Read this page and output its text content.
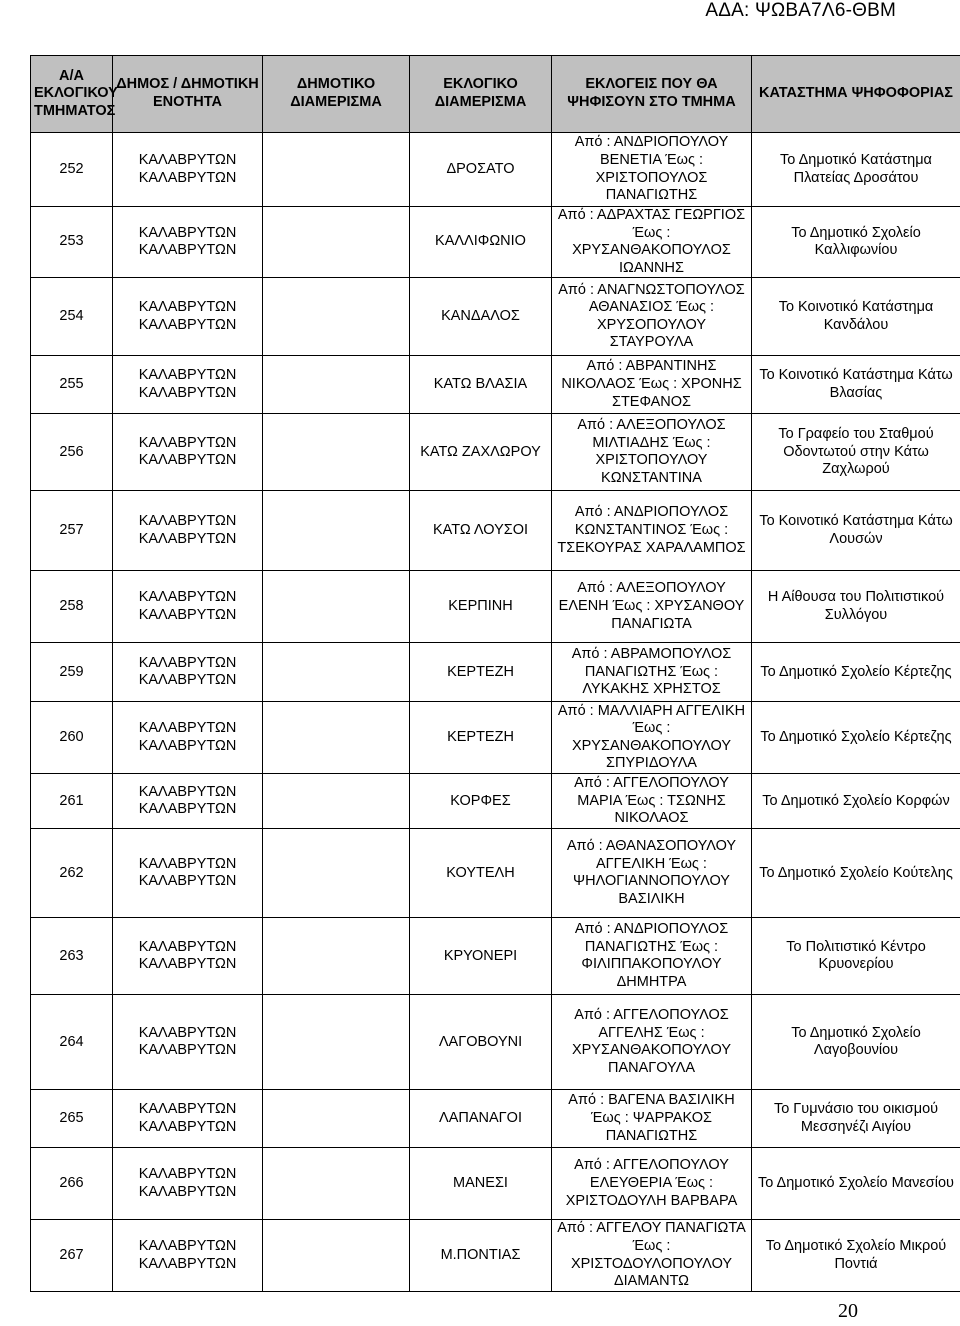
ΑΔΑ: ΨΩΒΑ7Λ6-ΘΒΜ
Α/Α ΕΚΛΟΓΙΚΟΥ ΤΜΗΜΑΤΟΣ	ΔΗΜΟΣ / ΔΗΜΟΤΙΚΗ ΕΝΟΤΗΤΑ	ΔΗΜΟΤΙΚΟ ΔΙΑΜΕΡΙΣΜΑ	ΕΚΛΟΓΙΚΟ ΔΙΑΜΕΡΙΣΜΑ	ΕΚΛΟΓΕΙΣ ΠΟΥ ΘΑ ΨΗΦΙΣΟΥΝ ΣΤΟ ΤΜΗΜΑ	ΚΑΤΑΣΤΗΜΑ ΨΗΦΟΦΟΡΙΑΣ
252	ΚΑΛΑΒΡΥΤΩΝ ΚΑΛΑΒΡΥΤΩΝ		ΔΡΟΣΑΤΟ	Από : ΑΝΔΡΙΟΠΟΥΛΟΥ ΒΕΝΕΤΙΑ Έως : ΧΡΙΣΤΟΠΟΥΛΟΣ ΠΑΝΑΓΙΩΤΗΣ	Το Δημοτικό Κατάστημα Πλατείας Δροσάτου
253	ΚΑΛΑΒΡΥΤΩΝ ΚΑΛΑΒΡΥΤΩΝ		ΚΑΛΛΙΦΩΝΙΟ	Από : ΑΔΡΑΧΤΑΣ ΓΕΩΡΓΙΟΣ Έως : ΧΡΥΣΑΝΘΑΚΟΠΟΥΛΟΣ ΙΩΑΝΝΗΣ	Το Δημοτικό Σχολείο Καλλιφωνίου
254	ΚΑΛΑΒΡΥΤΩΝ ΚΑΛΑΒΡΥΤΩΝ		ΚΑΝΔΑΛΟΣ	Από : ΑΝΑΓΝΩΣΤΟΠΟΥΛΟΣ ΑΘΑΝΑΣΙΟΣ Έως : ΧΡΥΣΟΠΟΥΛΟΥ ΣΤΑΥΡΟΥΛΑ	Το Κοινοτικό Κατάστημα Κανδάλου
255	ΚΑΛΑΒΡΥΤΩΝ ΚΑΛΑΒΡΥΤΩΝ		ΚΑΤΩ ΒΛΑΣΙΑ	Από : ΑΒΡΑΝΤΙΝΗΣ ΝΙΚΟΛΑΟΣ Έως : ΧΡΟΝΗΣ ΣΤΕΦΑΝΟΣ	Το Κοινοτικό Κατάστημα Κάτω Βλασίας
256	ΚΑΛΑΒΡΥΤΩΝ ΚΑΛΑΒΡΥΤΩΝ		ΚΑΤΩ ΖΑΧΛΩΡΟΥ	Από : ΑΛΕΞΟΠΟΥΛΟΣ ΜΙΛΤΙΑΔΗΣ Έως : ΧΡΙΣΤΟΠΟΥΛΟΥ ΚΩΝΣΤΑΝΤΙΝΑ	Το Γραφείο του Σταθμού Οδοντωτού στην Κάτω Ζαχλωρού
257	ΚΑΛΑΒΡΥΤΩΝ ΚΑΛΑΒΡΥΤΩΝ		ΚΑΤΩ ΛΟΥΣΟΙ	Από : ΑΝΔΡΙΟΠΟΥΛΟΣ ΚΩΝΣΤΑΝΤΙΝΟΣ Έως : ΤΣΕΚΟΥΡΑΣ ΧΑΡΑΛΑΜΠΟΣ	Το Κοινοτικό Κατάστημα Κάτω Λουσών
258	ΚΑΛΑΒΡΥΤΩΝ ΚΑΛΑΒΡΥΤΩΝ		ΚΕΡΠΙΝΗ	Από : ΑΛΕΞΟΠΟΥΛΟΥ ΕΛΕΝΗ Έως : ΧΡΥΣΑΝΘΟΥ ΠΑΝΑΓΙΩΤΑ	Η Αίθουσα του Πολιτιστικού Συλλόγου
259	ΚΑΛΑΒΡΥΤΩΝ ΚΑΛΑΒΡΥΤΩΝ		ΚΕΡΤΕΖΗ	Από : ΑΒΡΑΜΟΠΟΥΛΟΣ ΠΑΝΑΓΙΩΤΗΣ Έως : ΛΥΚΑΚΗΣ ΧΡΗΣΤΟΣ	Το Δημοτικό Σχολείο Κέρτεζης
260	ΚΑΛΑΒΡΥΤΩΝ ΚΑΛΑΒΡΥΤΩΝ		ΚΕΡΤΕΖΗ	Από : ΜΑΛΛΙΑΡΗ ΑΓΓΕΛΙΚΗ Έως : ΧΡΥΣΑΝΘΑΚΟΠΟΥΛΟΥ ΣΠΥΡΙΔΟΥΛΑ	Το Δημοτικό Σχολείο Κέρτεζης
261	ΚΑΛΑΒΡΥΤΩΝ ΚΑΛΑΒΡΥΤΩΝ		ΚΟΡΦΕΣ	Από : ΑΓΓΕΛΟΠΟΥΛΟΥ ΜΑΡΙΑ Έως : ΤΣΩΝΗΣ ΝΙΚΟΛΑΟΣ	Το Δημοτικό Σχολείο Κορφών
262	ΚΑΛΑΒΡΥΤΩΝ ΚΑΛΑΒΡΥΤΩΝ		ΚΟΥΤΕΛΗ	Από : ΑΘΑΝΑΣΟΠΟΥΛΟΥ ΑΓΓΕΛΙΚΗ Έως : ΨΗΛΟΓΙΑΝΝΟΠΟΥΛΟΥ ΒΑΣΙΛΙΚΗ	Το Δημοτικό Σχολείο Κούτελης
263	ΚΑΛΑΒΡΥΤΩΝ ΚΑΛΑΒΡΥΤΩΝ		ΚΡΥΟΝΕΡΙ	Από : ΑΝΔΡΙΟΠΟΥΛΟΣ ΠΑΝΑΓΙΩΤΗΣ Έως : ΦΙΛΙΠΠΑΚΟΠΟΥΛΟΥ ΔΗΜΗΤΡΑ	Το Πολιτιστικό Κέντρο Κρυονερίου
264	ΚΑΛΑΒΡΥΤΩΝ ΚΑΛΑΒΡΥΤΩΝ		ΛΑΓΟΒΟΥΝΙ	Από : ΑΓΓΕΛΟΠΟΥΛΟΣ ΑΓΓΕΛΗΣ Έως : ΧΡΥΣΑΝΘΑΚΟΠΟΥΛΟΥ ΠΑΝΑΓΟΥΛΑ	Το Δημοτικό Σχολείο Λαγοβουνίου
265	ΚΑΛΑΒΡΥΤΩΝ ΚΑΛΑΒΡΥΤΩΝ		ΛΑΠΑΝΑΓΟΙ	Από : ΒΑΓΕΝΑ ΒΑΣΙΛΙΚΗ Έως : ΨΑΡΡΑΚΟΣ ΠΑΝΑΓΙΩΤΗΣ	Το Γυμνάσιο του οικισμού Μεσσηνέζι Αιγίου
266	ΚΑΛΑΒΡΥΤΩΝ ΚΑΛΑΒΡΥΤΩΝ		ΜΑΝΕΣΙ	Από : ΑΓΓΕΛΟΠΟΥΛΟΥ ΕΛΕΥΘΕΡΙΑ Έως : ΧΡΙΣΤΟΔΟΥΛΗ ΒΑΡΒΑΡΑ	Το Δημοτικό Σχολείο Μανεσίου
267	ΚΑΛΑΒΡΥΤΩΝ ΚΑΛΑΒΡΥΤΩΝ		Μ.ΠΟΝΤΙΑΣ	Από : ΑΓΓΕΛΟΥ ΠΑΝΑΓΙΩΤΑ Έως : ΧΡΙΣΤΟΔΟΥΛΟΠΟΥΛΟΥ ΔΙΑΜΑΝΤΩ	Το Δημοτικό Σχολείο Μικρού Ποντιά
20
